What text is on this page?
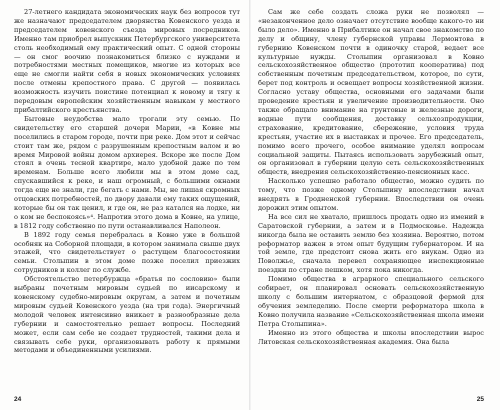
27-летнего кандидата экономических наук без вопросов тут же назначают председателем дворянства Ковенского уезда и председателем ковенского съезда мировых посредников. Именно там приобрел выпускник Петербургского университета столь необходимый ему практический опыт. С одной стороны — он смог воочию познакомиться близко с нуждами и потребностями местных помещиков, многие из которых все еще не смогли найти себя в новых экономических условиях после отмены крепостного права. С другой — появилась возможность изучить поистине потенциал к новому и тягу к передовым европейским хозяйственным навыкам у местного прибалтийского крестьянства.

Бытовые неудобства мало трогали эту семью. По свидетельству его старшей дочери Марии, «в Ковне мы поселились в старом городе, почти при реке. Дом этот и сейчас стоит там же, рядом с разрушенным крепостным валом и во время Мировой войны домом архиерея. Вскоре же после Дом стоял в очень тесной квартире, мало удобной даже по тем временам. Больше всего любили мы в этом доме сад, спускавшийся к реке, и наш огромный, с большими окнами тогда еще не знали, где бегать с нами. Мы, не лишая скромных отцовских потребностей, по двору давали ему таких ощущений, которые бы он так ценил, и где он, не раз катался на лодке, ни о ком не беспокоясь»⁴. Напротив этого дома в Ковне, на улице, в 1812 году собственно по пути останавливался Наполеон.

В 1892 году семья перебралась в Ковно уже в большой особняк на Соборной площади, в котором занимала свыше двух этажей, что свидетельствует о растущем благосостоянии семьи. Столыпин в этом доме позже поселил приезжих сотрудников и коллег по службе.

Обстоятельство петербуржца «братья по сословию» были выбраны почетным мировым судьей по ииcарскому и ковенскому судебно-мировым округам, а затем и почетным мировым судьей Ковенского уезда (на три года). Энергичный молодой человек интенсивно вникает в разнообразные дела губернии и самостоятельно решает вопросы. Последний может, если сам себе не создает трудностей, такими дела и связывать себе руки, организовывать работу к прямыми методами и объединенными усилиями.

24

Сам же себе создать сложа руки не позволял — «незаконченное дело означает отсутствие вообще какого-то ни было дело». Именно в Прибалтике он начал свое знакомство по делу и общину, члену губернской управы Лермонтова в губернию Ковенском почти в одиночку старой, ведает все культурные нужды. Столыпин организовал в Ковно сельскохозяйственное общество (прототип кооператива) под собственным почетным председательством, которое, по сути, берет под контроль и освещает вопросы хозяйственной жизни. Согласно уставу общества, основными его задачами были проведение крестьян и увеличение производительности. Оно также обращало внимание на грунтовые и железные дороги, водные пути сообщения, доставку сельхозпродукции, страхование, кредитование, сбережение, условия труда крестьян, участие их в выставках и прочее. Его председатель, помимо всего прочего, особое внимание уделял вопросам социальной защиты. Пытаясь использовать зарубежный опыт, он организовал в губернии целую сеть сельскохозяйственных обществ, внедрения сельскохозяйственно-пенсионных касс.

Насколько успешно работало общество, можно судить по тому, что позже одному Столыпину впоследствии начал внедрять в Гродненской губернии. Впоследствии он очень дорожил этим опытом.

На все сил не хватало, пришлось продать одно из имений в Саратовской губернии, а затем и в Подмосковье. Надежда никогда была не оставить землю без хозяина. Вероятно, потом реформатор важен в этом опыт будущим губернатором. И на той земле, где предстоит снова жить его внукам. Одно из Поволжье, сначала перевел сохраняющее инспекционные поездки по стране пешком, хотя пока никогда.

Помимо общества в аграрного специального сельского собирает, он планировал основать сельскохозяйственную школу с большим интернатом, с образцовой фермой для обучения земледелию. После смерти реформатора школа в Ковно получила название «Сельскохозяйственная школа имени Петра Столыпина».

Именно из этого общества и школы впоследствии вырос Литовская сельскохозяйственная академия. Она была

25
